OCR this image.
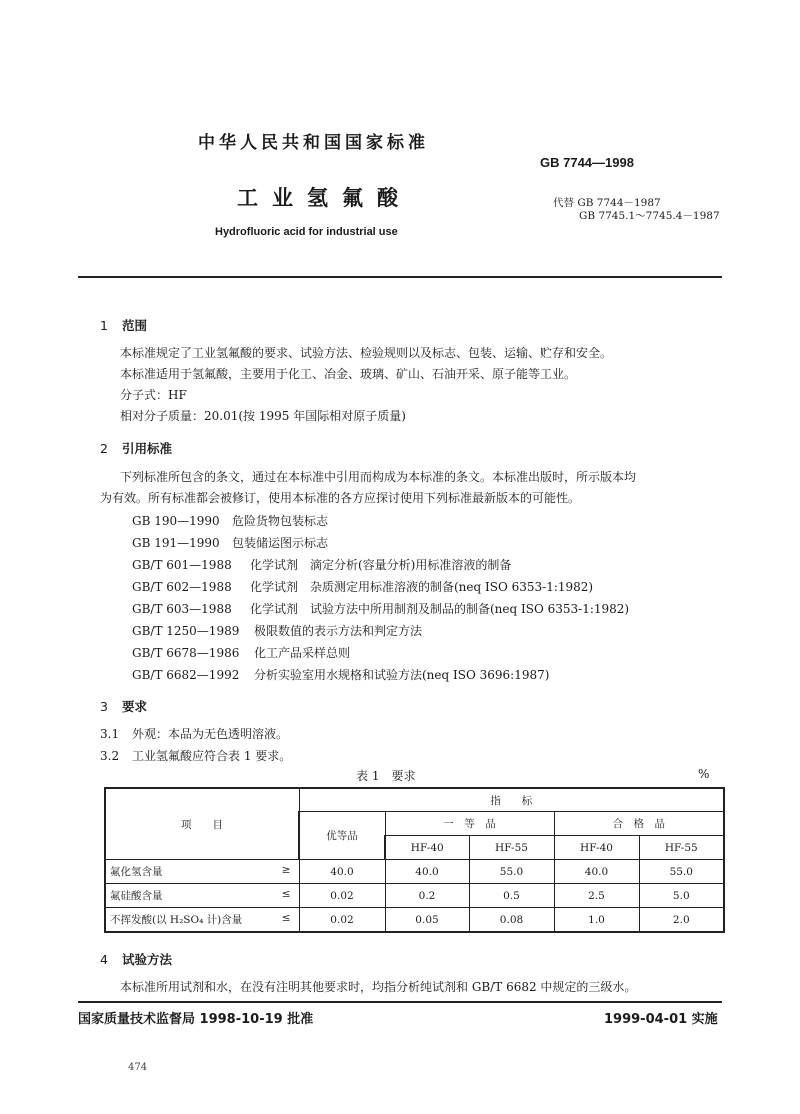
中华人民共和国国家标准
GB 7744—1998
工业氢氟酸
Hydrofluoric acid for industrial use
代替 GB 7744－1987
GB 7745.1～7745.4－1987
1 范围
本标准规定了工业氢氟酸的要求、试验方法、检验规则以及标志、包装、运输、贮存和安全。
本标准适用于氢氟酸，主要用于化工、冶金、玻璃、矿山、石油开采、原子能等工业。
分子式：HF
相对分子质量：20.01(按 1995 年国际相对原子质量)
2 引用标准
下列标准所包含的条文，通过在本标准中引用而构成为本标准的条文。本标准出版时，所示版本均
为有效。所有标准都会被修订，使用本标准的各方应探讨使用下列标准最新版本的可能性。
GB 190—1990 危险货物包装标志
GB 191—1990 包装储运图示标志
GB/T 601—1988 化学试剂　滴定分析(容量分析)用标准溶液的制备
GB/T 602—1988 化学试剂　杂质测定用标准溶液的制备(neq ISO 6353-1:1982)
GB/T 603—1988 化学试剂　试验方法中所用制剂及制品的制备(neq ISO 6353-1:1982)
GB/T 1250—1989 极限数值的表示方法和判定方法
GB/T 6678—1986 化工产品采样总则
GB/T 6682—1992 分析实验室用水规格和试验方法(neq ISO 3696:1987)
3 要求
3.1 外观：本品为无色透明溶液。
3.2 工业氢氟酸应符合表 1 要求。
表 1　要求	%
项　　目	指　　标				
	优等品	一　等　品		合　格　品	
		HF-40	HF-55	HF-40	HF-55
氟化氢含量 ≥	40.0	40.0	55.0	40.0	55.0
氟硅酸含量 ≤	0.02	0.2	0.5	2.5	5.0
不挥发酸(以 H₂SO₄ 计)含量 ≤	0.02	0.05	0.08	1.0	2.0
4 试验方法
本标准所用试剂和水，在没有注明其他要求时，均指分析纯试剂和 GB/T 6682 中规定的三级水。
国家质量技术监督局 1998-10-19 批准	1999-04-01 实施
474
